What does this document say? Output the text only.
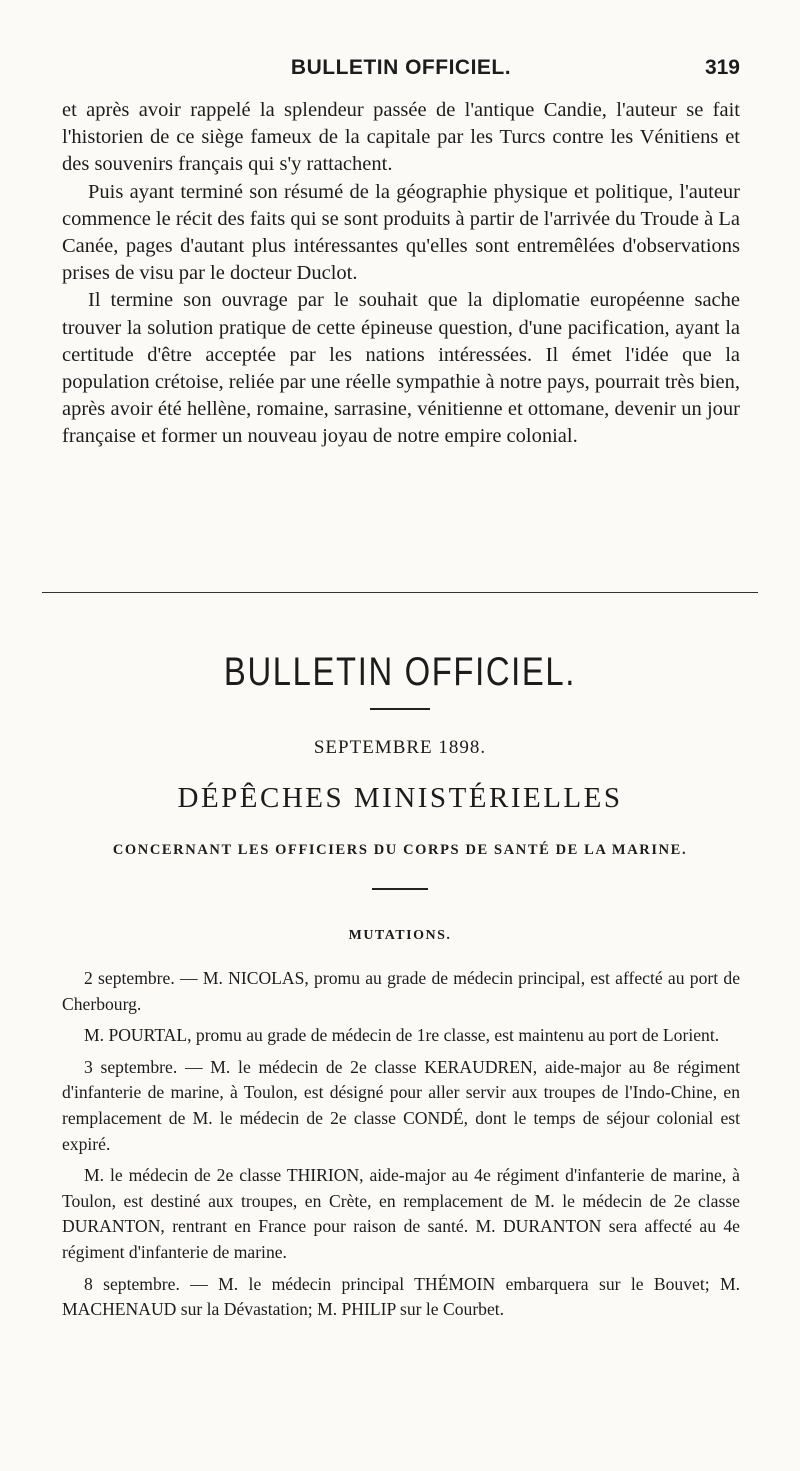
BULLETIN OFFICIEL.	319

et après avoir rappelé la splendeur passée de l'antique Candie, l'auteur se fait l'historien de ce siège fameux de la capitale par les Turcs contre les Vénitiens et des souvenirs français qui s'y rattachent.

Puis ayant terminé son résumé de la géographie physique et politique, l'auteur commence le récit des faits qui se sont produits à partir de l'arrivée du Troude à La Canée, pages d'autant plus intéressantes qu'elles sont entremêlées d'observations prises de visu par le docteur Duclot.

Il termine son ouvrage par le souhait que la diplomatie européenne sache trouver la solution pratique de cette épineuse question, d'une pacification, ayant la certitude d'être acceptée par les nations intéressées. Il émet l'idée que la population crétoise, reliée par une réelle sympathie à notre pays, pourrait très bien, après avoir été hellène, romaine, sarrasine, vénitienne et ottomane, devenir un jour française et former un nouveau joyau de notre empire colonial.

BULLETIN OFFICIEL.
SEPTEMBRE 1898.
DÉPÊCHES MINISTÉRIELLES
CONCERNANT LES OFFICIERS DU CORPS DE SANTÉ DE LA MARINE.
MUTATIONS.

2 septembre. — M. NICOLAS, promu au grade de médecin principal, est affecté au port de Cherbourg.

M. POURTAL, promu au grade de médecin de 1re classe, est maintenu au port de Lorient.

3 septembre. — M. le médecin de 2e classe KERAUDREN, aide-major au 8e régiment d'infanterie de marine, à Toulon, est désigné pour aller servir aux troupes de l'Indo-Chine, en remplacement de M. le médecin de 2e classe CONDÉ, dont le temps de séjour colonial est expiré.

M. le médecin de 2e classe THIRION, aide-major au 4e régiment d'infanterie de marine, à Toulon, est destiné aux troupes, en Crète, en remplacement de M. le médecin de 2e classe DURANTON, rentrant en France pour raison de santé. M. DURANTON sera affecté au 4e régiment d'infanterie de marine.

8 septembre. — M. le médecin principal THÉMOIN embarquera sur le Bouvet; M. MACHENAUD sur la Dévastation; M. PHILIP sur le Courbet.
